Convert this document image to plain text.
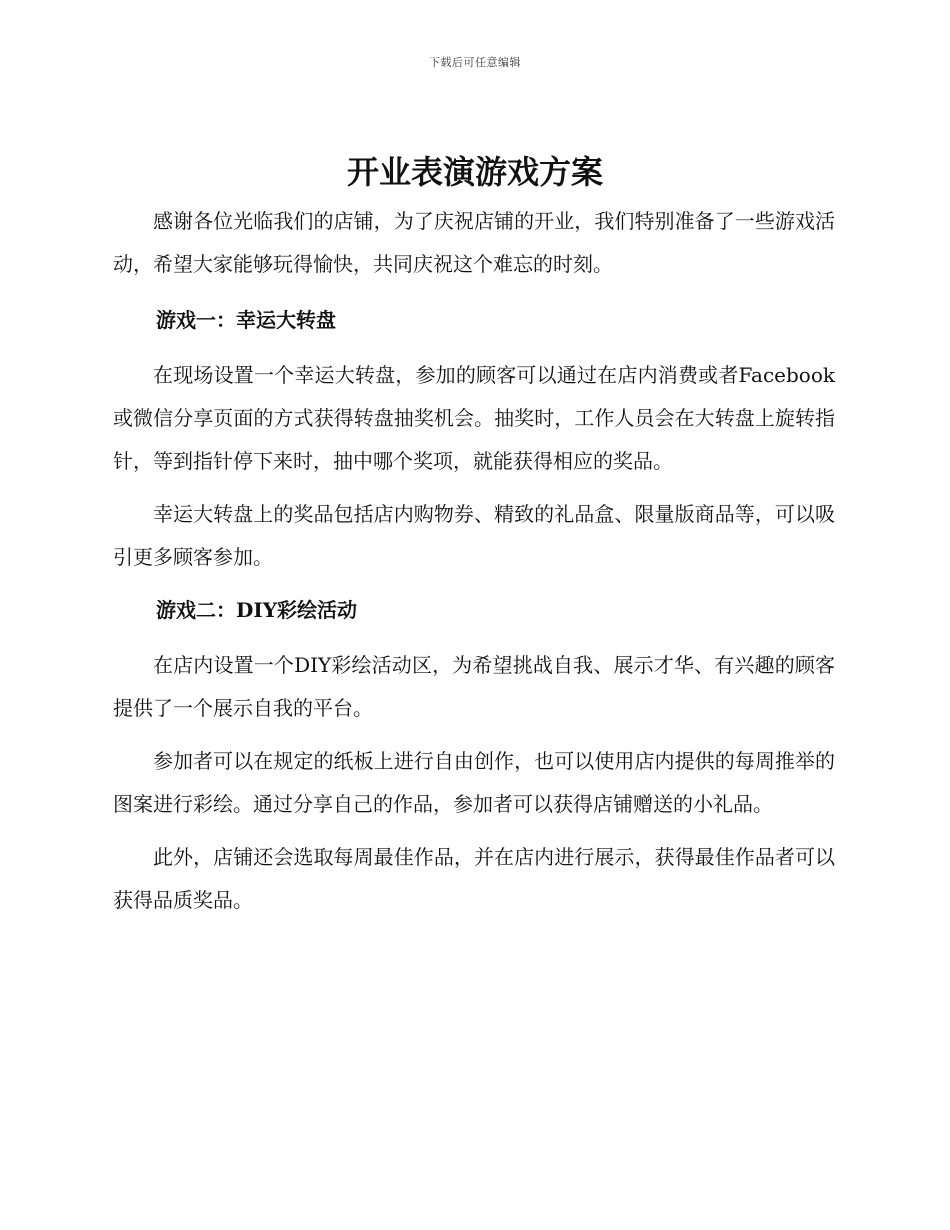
下载后可任意编辑
开业表演游戏方案

感谢各位光临我们的店铺，为了庆祝店铺的开业，我们特别准备了一些游戏活动，希望大家能够玩得愉快，共同庆祝这个难忘的时刻。

游戏一：幸运大转盘

在现场设置一个幸运大转盘，参加的顾客可以通过在店内消费或者Facebook或微信分享页面的方式获得转盘抽奖机会。抽奖时，工作人员会在大转盘上旋转指针，等到指针停下来时，抽中哪个奖项，就能获得相应的奖品。

幸运大转盘上的奖品包括店内购物券、精致的礼品盒、限量版商品等，可以吸引更多顾客参加。

游戏二：DIY彩绘活动

在店内设置一个DIY彩绘活动区，为希望挑战自我、展示才华、有兴趣的顾客提供了一个展示自我的平台。

参加者可以在规定的纸板上进行自由创作，也可以使用店内提供的每周推举的图案进行彩绘。通过分享自己的作品，参加者可以获得店铺赠送的小礼品。

此外，店铺还会选取每周最佳作品，并在店内进行展示，获得最佳作品者可以获得品质奖品。
